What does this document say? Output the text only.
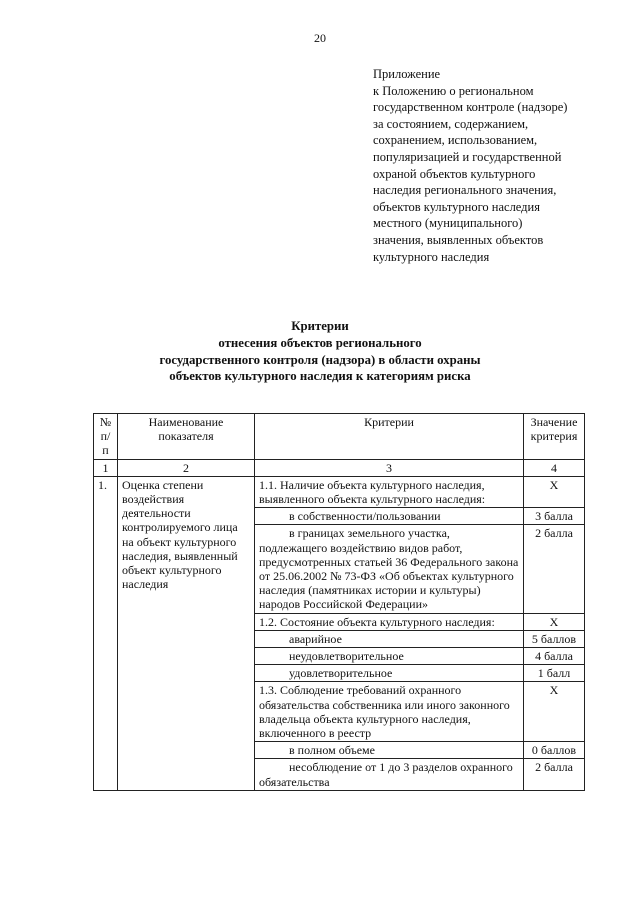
20
Приложение
к Положению о региональном
государственном контроле (надзоре)
за состоянием, содержанием,
сохранением, использованием,
популяризацией и государственной
охраной объектов культурного
наследия регионального значения,
объектов культурного наследия
местного (муниципального)
значения, выявленных объектов
культурного наследия
Критерии
отнесения объектов регионального
государственного контроля (надзора) в области охраны
объектов культурного наследия к категориям риска
№ п/п	Наименование показателя	Критерии	Значение критерия
1	2	3	4
1.	Оценка степени воздействия деятельности контролируемого лица на объект культурного наследия, выявленный объект культурного наследия	1.1. Наличие объекта культурного наследия, выявленного объекта культурного наследия:	Х
		в собственности/пользовании	3 балла
		в границах земельного участка, подлежащего воздействию видов работ, предусмотренных статьей 36 Федерального закона от 25.06.2002 № 73-ФЗ «Об объектах культурного наследия (памятниках истории и культуры) народов Российской Федерации»	2 балла
		1.2. Состояние объекта культурного наследия:	Х
		аварийное	5 баллов
		неудовлетворительное	4 балла
		удовлетворительное	1 балл
		1.3. Соблюдение требований охранного обязательства собственника или иного законного владельца объекта культурного наследия, включенного в реестр	Х
		в полном объеме	0 баллов
		несоблюдение от 1 до 3 разделов охранного обязательства	2 балла
